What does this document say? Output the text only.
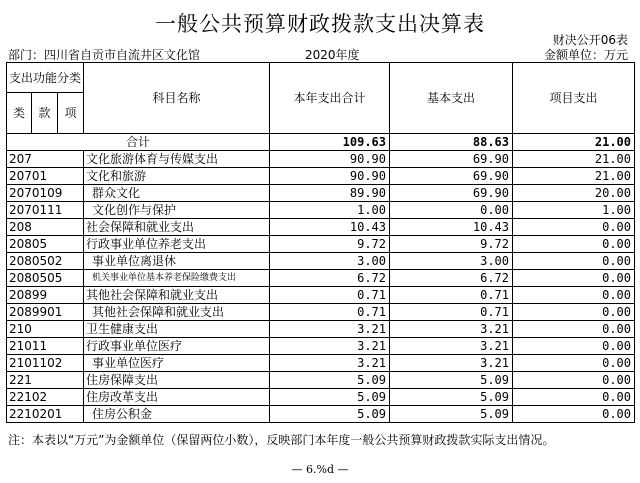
一般公共预算财政拨款支出决算表
财决公开06表
部门：四川省自贡市自流井区文化馆	2020年度	金额单位：万元
支出功能分类			科目名称	本年支出合计	基本支出	项目支出
类	款	项				
合计				109.63	88.63	21.00
207			文化旅游体育与传媒支出	90.90	69.90	21.00
20701			文化和旅游	90.90	69.90	21.00
2070109			群众文化	89.90	69.90	20.00
2070111			文化创作与保护	1.00	0.00	1.00
208			社会保障和就业支出	10.43	10.43	0.00
20805			行政事业单位养老支出	9.72	9.72	0.00
2080502			事业单位离退休	3.00	3.00	0.00
2080505			机关事业单位基本养老保险缴费支出	6.72	6.72	0.00
20899			其他社会保障和就业支出	0.71	0.71	0.00
2089901			其他社会保障和就业支出	0.71	0.71	0.00
210			卫生健康支出	3.21	3.21	0.00
21011			行政事业单位医疗	3.21	3.21	0.00
2101102			事业单位医疗	3.21	3.21	0.00
221			住房保障支出	5.09	5.09	0.00
22102			住房改革支出	5.09	5.09	0.00
2210201			住房公积金	5.09	5.09	0.00
注：本表以“万元”为金额单位（保留两位小数），反映部门本年度一般公共预算财政拨款实际支出情况。
— 6.%d —
